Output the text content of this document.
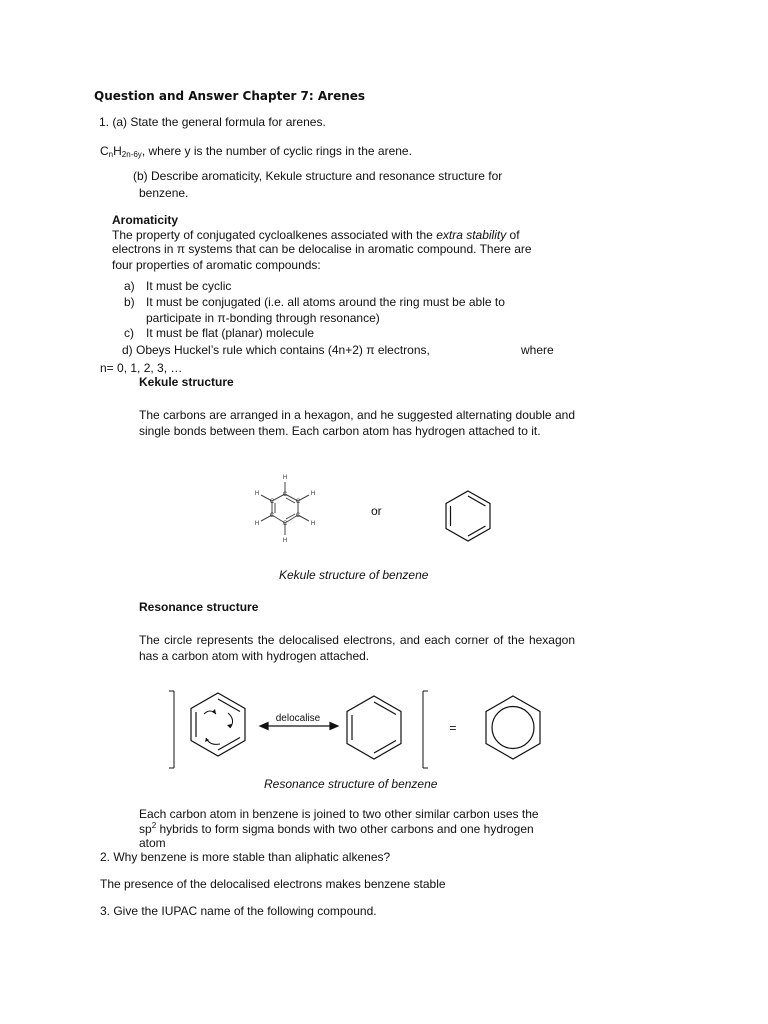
Question and Answer Chapter 7: Arenes
1. (a) State the general formula for arenes.
$C_nH_{2n-6y}$, where y is the number of cyclic rings in the arene.
(b) Describe aromaticity, Kekule structure and resonance structure for
benzene.
Aromaticity
The property of conjugated cycloalkenes associated with the extra stability of
electrons in π systems that can be delocalise in aromatic compound. There are
four properties of aromatic compounds:
a) It must be cyclic
b) It must be conjugated (i.e. all atoms around the ring must be able to
participate in π-bonding through resonance)
c) It must be flat (planar) molecule
d) Obeys Huckel’s rule which contains (4n+2) π electrons,	where
n= 0, 1, 2, 3, …
Kekule structure
The carbons are arranged in a hexagon, and he suggested alternating double and single bonds between them. Each carbon atom has hydrogen attached to it.
C
C
C
C
C
C
H
H
H
H
H
H
or
Kekule structure of benzene
Resonance structure
The circle represents the delocalised electrons, and each corner of the hexagon has a carbon atom with hydrogen attached.
delocalise
=
Resonance structure of benzene
Each carbon atom in benzene is joined to two other similar carbon uses the
$sp^2$ hybrids to form sigma bonds with two other carbons and one hydrogen
atom
2. Why benzene is more stable than aliphatic alkenes?
The presence of the delocalised electrons makes benzene stable
3. Give the IUPAC name of the following compound.
